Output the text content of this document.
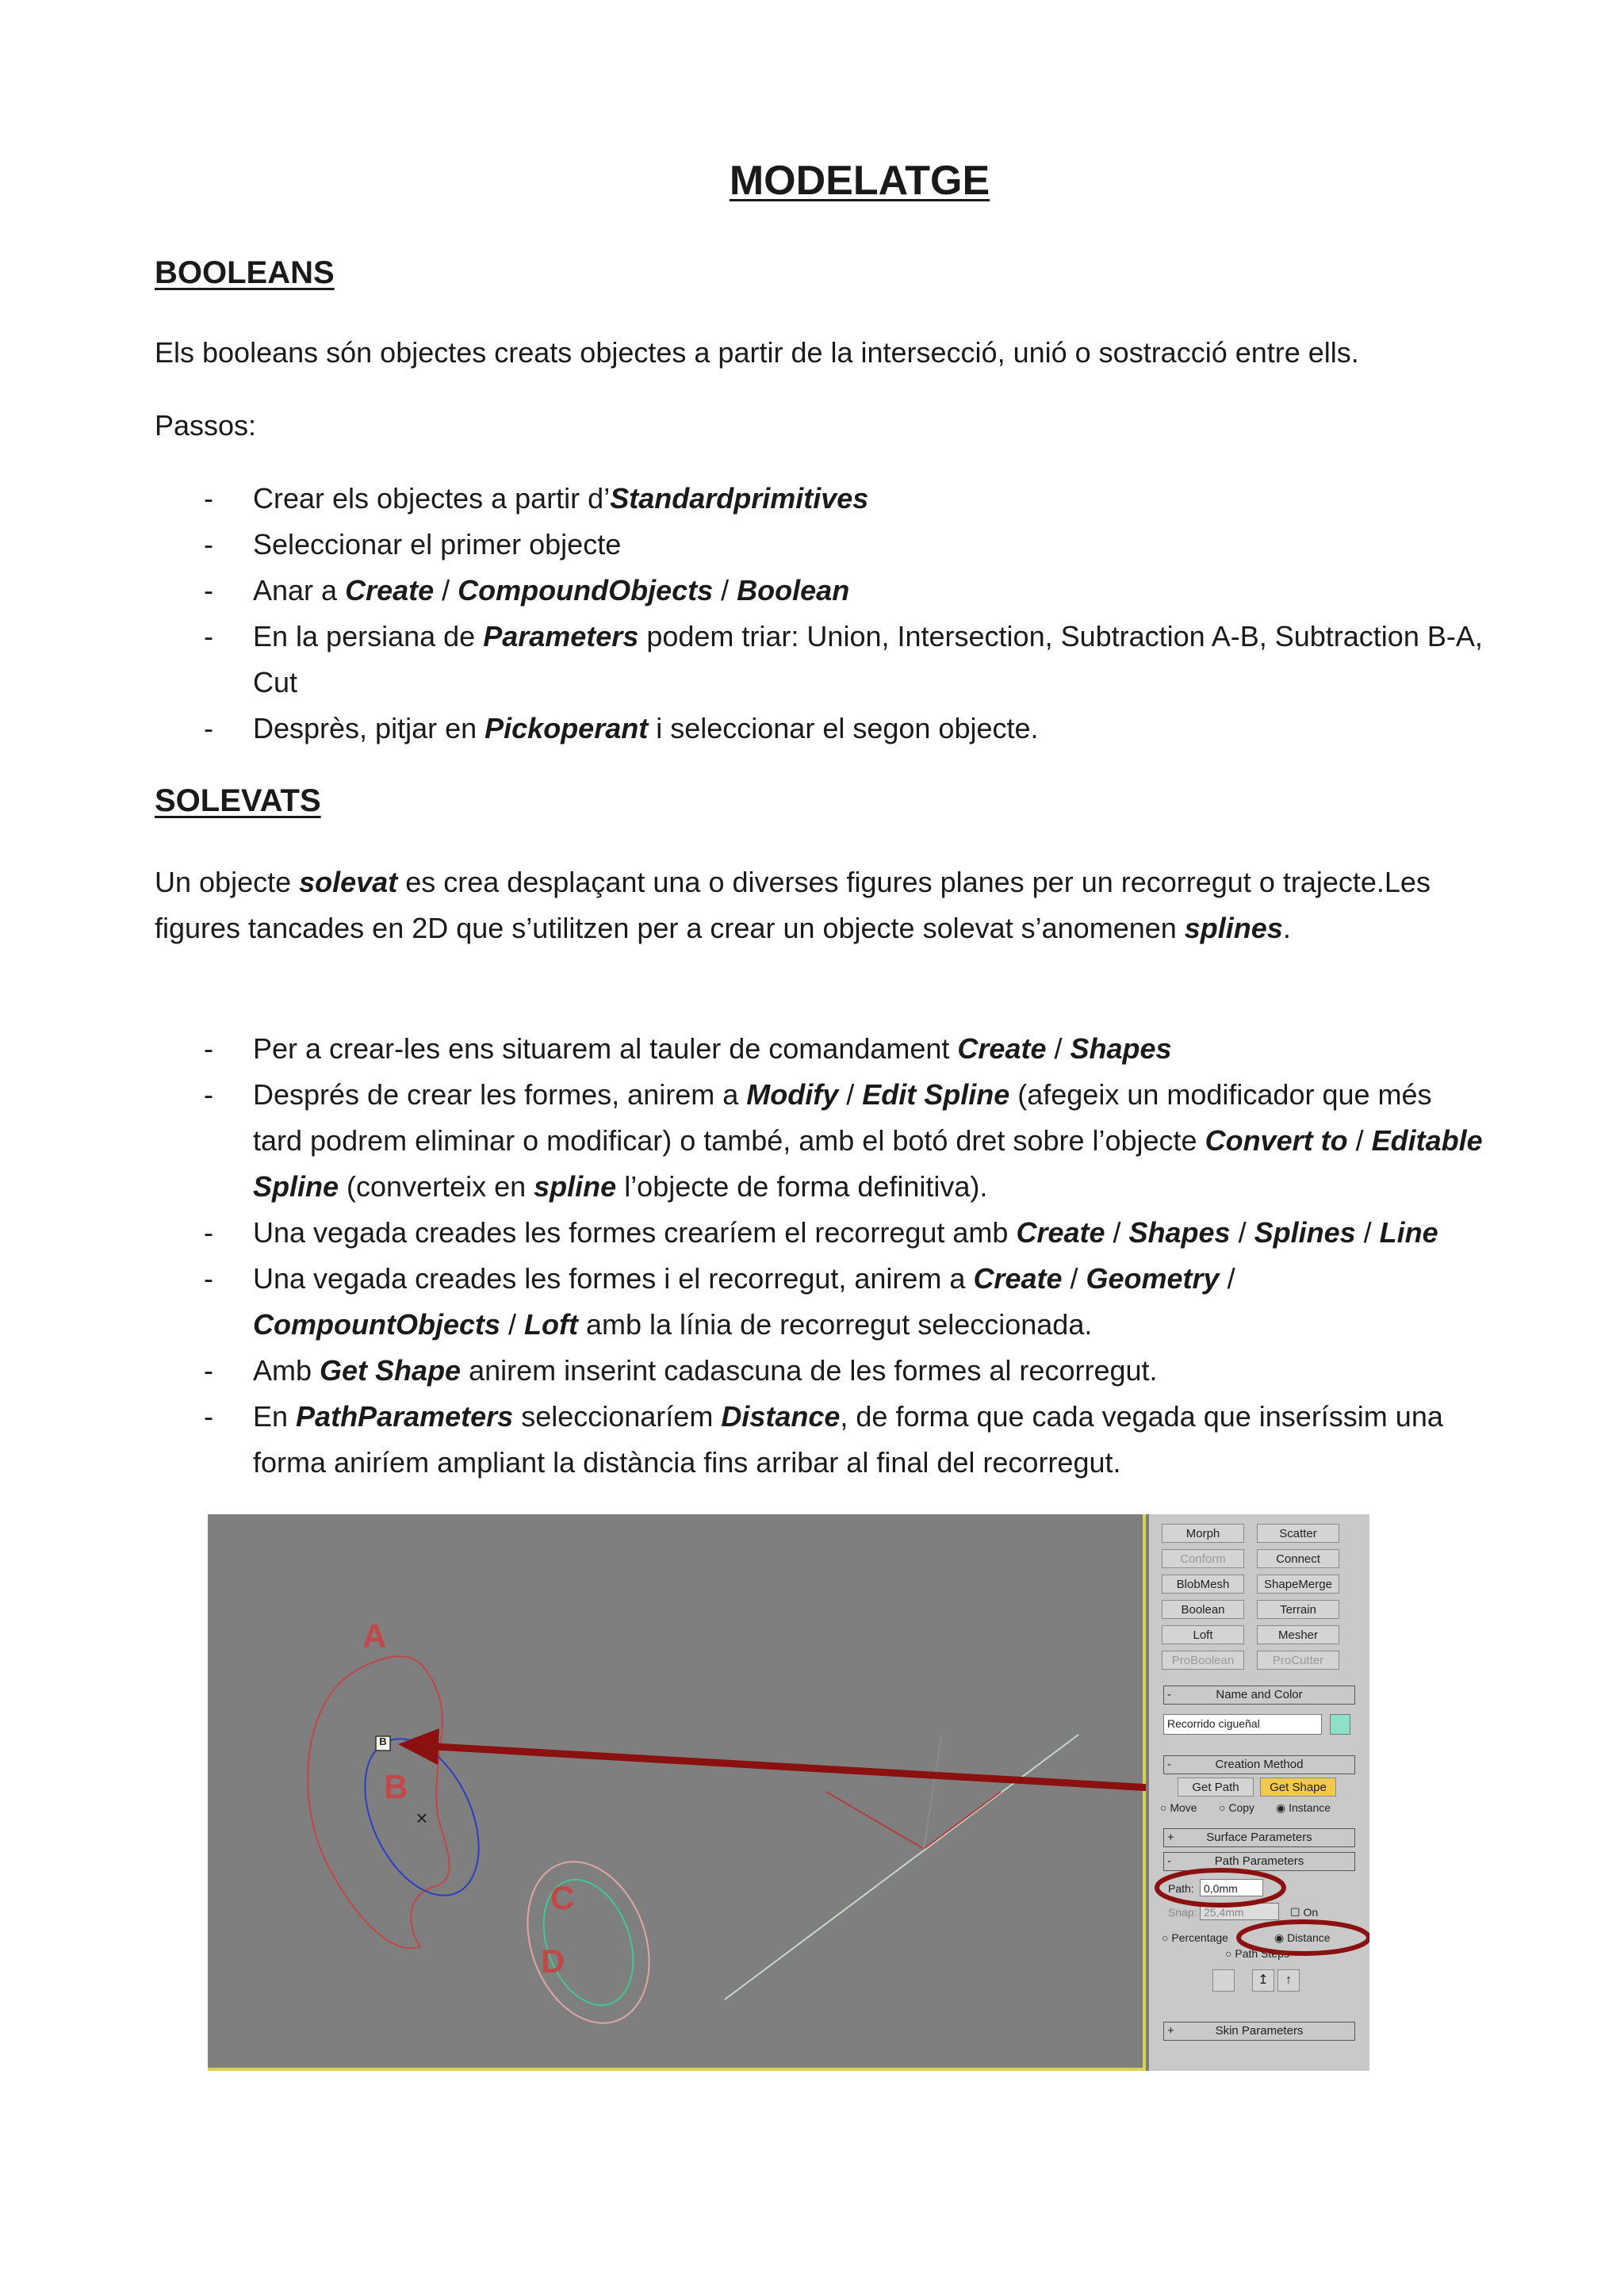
MODELATGE
BOOLEANS
Els booleans són objectes creats objectes a partir de la intersecció, unió o sostracció entre ells.
Passos:
- Crear els objectes a partir d’Standardprimitives
- Seleccionar el primer objecte
- Anar a Create / CompoundObjects / Boolean
- En la persiana de Parameters podem triar: Union, Intersection, Subtraction A-B, Subtraction B-A, Cut
- Desprès, pitjar en Pickoperant i seleccionar el segon objecte.
SOLEVATS
Un objecte solevat es crea desplaçant una o diverses figures planes per un recorregut o trajecte.Les figures tancades en 2D que s’utilitzen per a crear un objecte solevat s’anomenen splines.
- Per a crear-les ens situarem al tauler de comandament Create / Shapes
- Després de crear les formes, anirem a Modify / Edit Spline (afegeix un modificador que més tard podrem eliminar o modificar) o també, amb el botó dret sobre l’objecte Convert to / Editable Spline (converteix en spline l’objecte de forma definitiva).
- Una vegada creades les formes crearíem el recorregut amb Create / Shapes / Splines / Line
- Una vegada creades les formes i el recorregut, anirem a Create / Geometry / CompountObjects / Loft amb la línia de recorregut seleccionada.
- Amb Get Shape anirem inserint cadascuna de les formes al recorregut.
- En PathParameters seleccionaríem Distance, de forma que cada vegada que inseríssim una forma aniríem ampliant la distància fins arribar al final del recorregut.
×
A
B
C
D
B
Morph	Scatter
Conform	Connect
BlobMesh	ShapeMerge
Boolean	Terrain
Loft	Mesher
ProBoolean	ProCutter
-	Name and Color
Recorrido cigueñal
-	Creation Method
Get Path	Get Shape
○ Move ○ Copy ◉ Instance
+	Surface Parameters
-	Path Parameters
Path: 0,0mm
Snap: 25,4mm	☐ On
○ Percentage	◉ Distance
○ Path Steps
↥	↑
+	Skin Parameters
